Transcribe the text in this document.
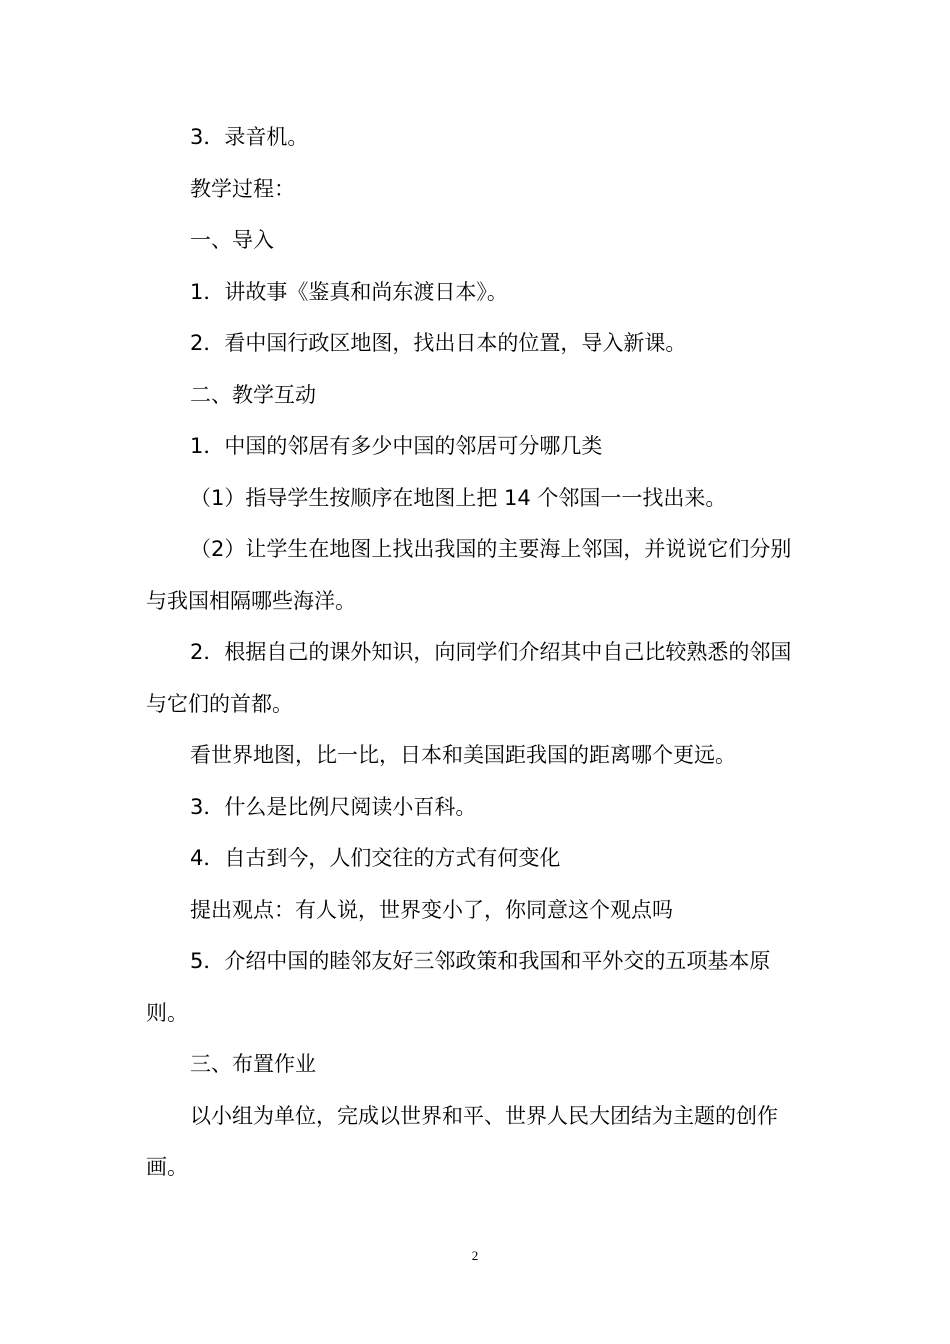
3．录音机。

教学过程：

一、导入

1．讲故事《鉴真和尚东渡日本》。

2．看中国行政区地图，找出日本的位置，导入新课。

二、教学互动

1．中国的邻居有多少中国的邻居可分哪几类

（1）指导学生按顺序在地图上把 14 个邻国一一找出来。

（2）让学生在地图上找出我国的主要海上邻国，并说说它们分别与我国相隔哪些海洋。

2．根据自己的课外知识，向同学们介绍其中自己比较熟悉的邻国与它们的首都。

看世界地图，比一比，日本和美国距我国的距离哪个更远。

3．什么是比例尺阅读小百科。

4．自古到今，人们交往的方式有何变化

提出观点：有人说，世界变小了，你同意这个观点吗

5．介绍中国的睦邻友好三邻政策和我国和平外交的五项基本原则。

三、布置作业

以小组为单位，完成以世界和平、世界人民大团结为主题的创作画。

2
